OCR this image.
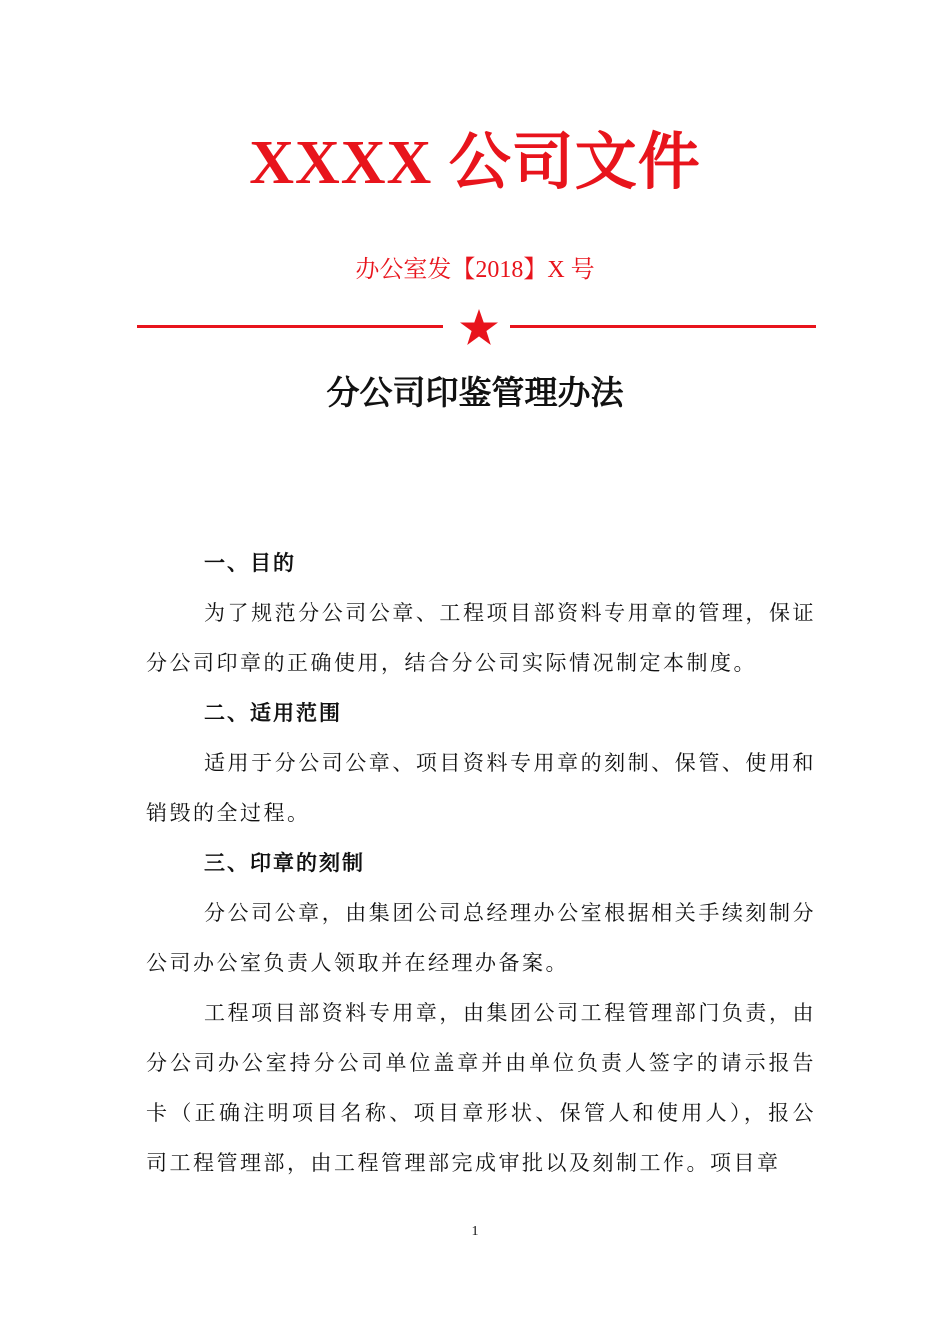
XXXX 公司文件
办公室发【2018】X 号
分公司印鉴管理办法

一、目的

为了规范分公司公章、工程项目部资料专用章的管理，保证分公司印章的正确使用，结合分公司实际情况制定本制度。

二、适用范围

适用于分公司公章、项目资料专用章的刻制、保管、使用和销毁的全过程。

三、印章的刻制

分公司公章，由集团公司总经理办公室根据相关手续刻制分公司办公室负责人领取并在经理办备案。

工程项目部资料专用章，由集团公司工程管理部门负责，由分公司办公室持分公司单位盖章并由单位负责人签字的请示报告卡（正确注明项目名称、项目章形状、保管人和使用人），报公司工程管理部，由工程管理部完成审批以及刻制工作。项目章

1
